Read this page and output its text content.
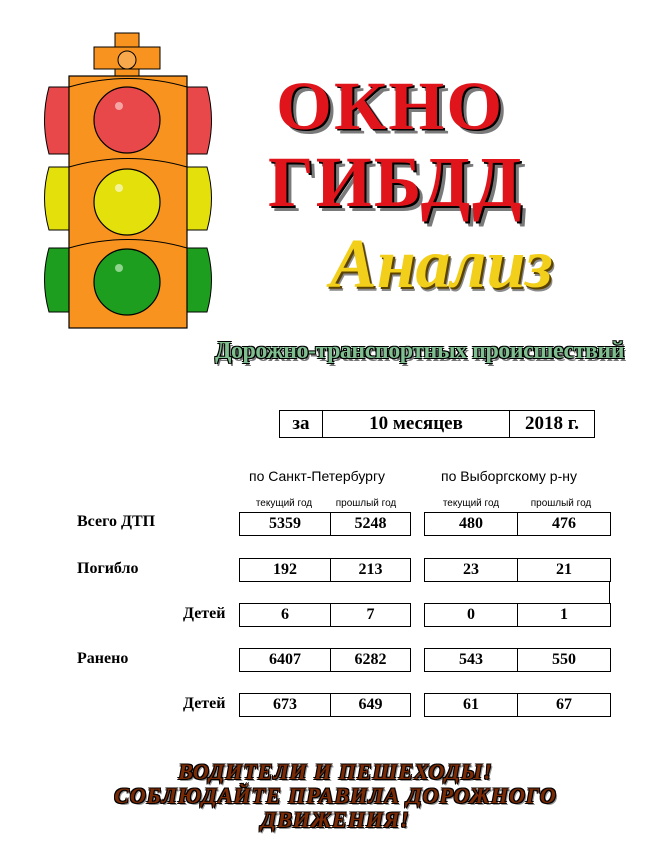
ОКНО
ГИБДД
Анализ
Дорожно-транспортных происшествий
за	10 месяцев	2018 г.
по Санкт-Петербургу	по Выборгскому р-ну
текущий год	прошлый год	текущий год	прошлый год
Всего ДТП	5359	5248	480	476
Погибло	192	213	23	21
Детей	6	7	0	1
Ранено	6407	6282	543	550
Детей	673	649	61	67
ВОДИТЕЛИ И ПЕШЕХОДЫ!
СОБЛЮДАЙТЕ ПРАВИЛА ДОРОЖНОГО
ДВИЖЕНИЯ!
